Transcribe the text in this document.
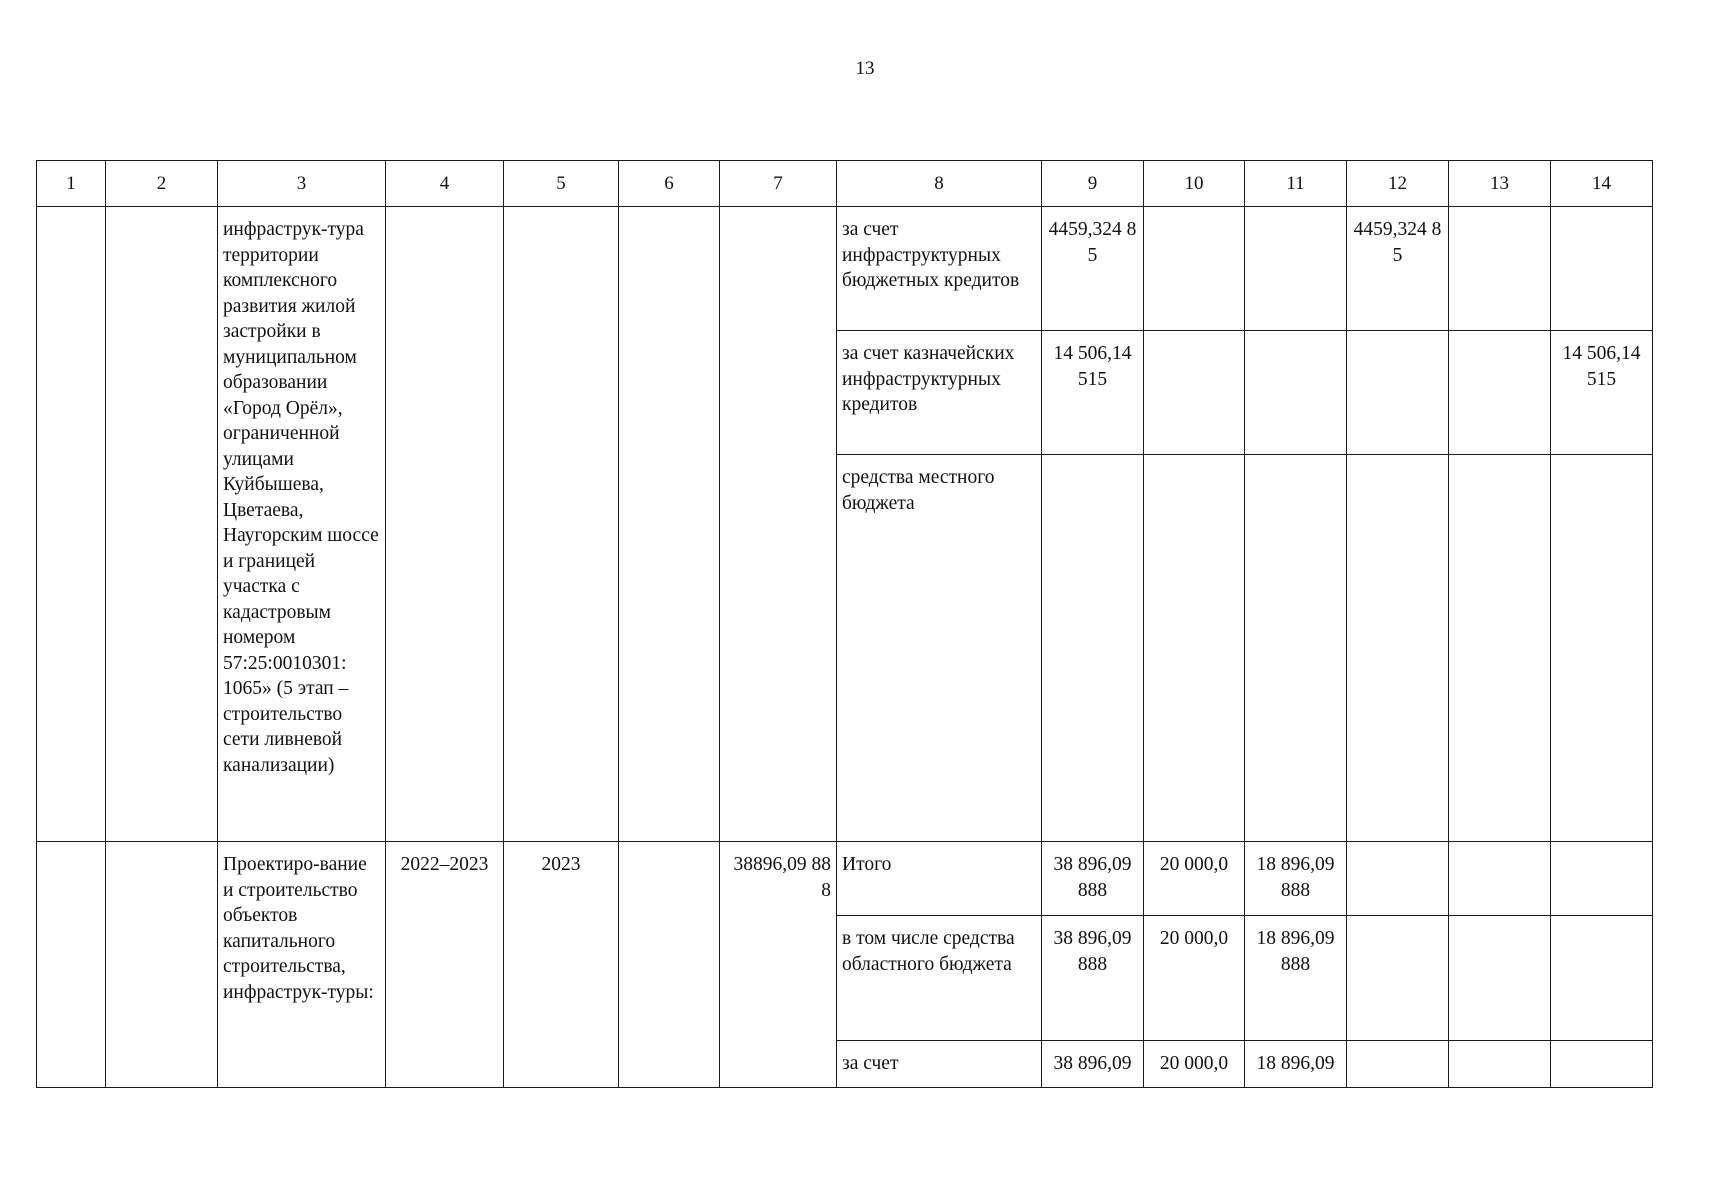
13
1	2	3	4	5	6	7	8	9	10	11	12	13	14
		инфраструк-тура территории комплексного развития жилой застройки в муниципальном образовании «Город Орёл», ограниченной улицами Куйбышева, Цветаева, Наугорским шоссе и границей участка с кадастровым номером 57:25:0010301: 1065» (5 этап – строительство сети ливневой канализации)					за счет инфраструктурных бюджетных кредитов	4459,324 85			4459,324 85		
							за счет казначейских инфраструктурных кредитов	14 506,14 515					14 506,14 515
							средства местного бюджета						
		Проектиро-вание и строительство объектов капитального строительства, инфраструк-туры:	2022–2023	2023		38896,09 888	Итого	38 896,09 888	20 000,0	18 896,09 888			
							в том числе средства областного бюджета	38 896,09 888	20 000,0	18 896,09 888			
							за счет	38 896,09	20 000,0	18 896,09			
